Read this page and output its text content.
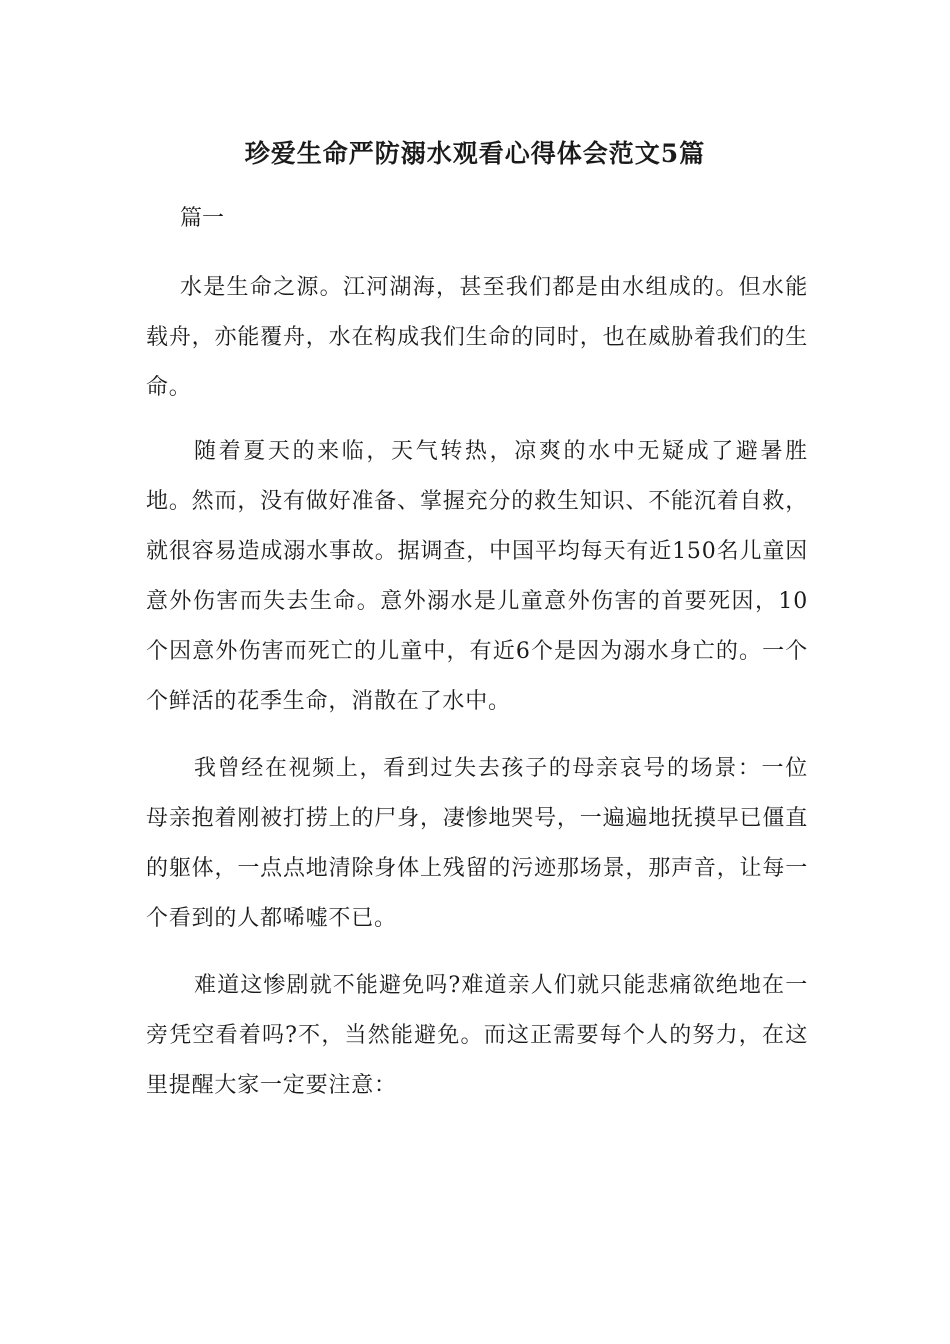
珍爱生命严防溺水观看心得体会范文5篇

篇一

水是生命之源。江河湖海，甚至我们都是由水组成的。但水能载舟，亦能覆舟，水在构成我们生命的同时，也在威胁着我们的生命。

随着夏天的来临，天气转热，凉爽的水中无疑成了避暑胜地。然而，没有做好准备、掌握充分的救生知识、不能沉着自救，就很容易造成溺水事故。据调查，中国平均每天有近150名儿童因意外伤害而失去生命。意外溺水是儿童意外伤害的首要死因，10个因意外伤害而死亡的儿童中，有近6个是因为溺水身亡的。一个个鲜活的花季生命，消散在了水中。

我曾经在视频上，看到过失去孩子的母亲哀号的场景：一位母亲抱着刚被打捞上的尸身，凄惨地哭号，一遍遍地抚摸早已僵直的躯体，一点点地清除身体上残留的污迹那场景，那声音，让每一个看到的人都唏嘘不已。

难道这惨剧就不能避免吗?难道亲人们就只能悲痛欲绝地在一旁凭空看着吗?不，当然能避免。而这正需要每个人的努力，在这里提醒大家一定要注意：
